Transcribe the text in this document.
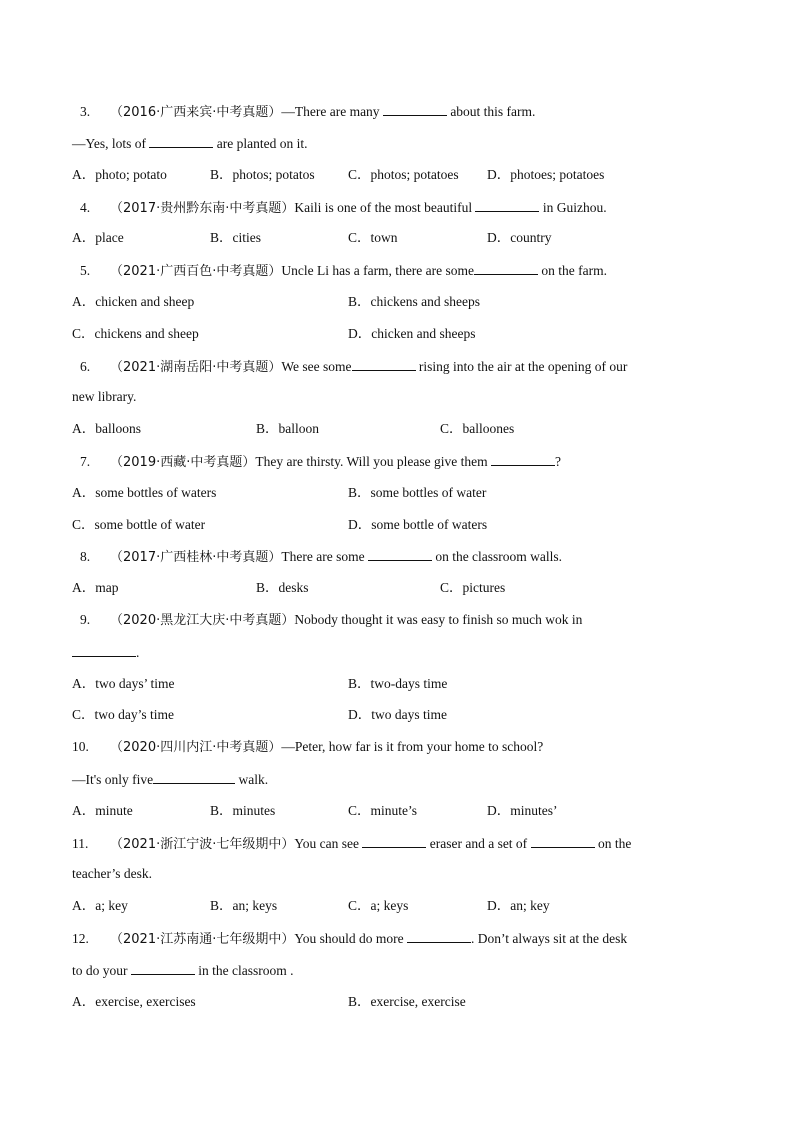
3. （2016·广西来宾·中考真题）—There are many	about this farm.
—Yes, lots of	are planted on it.
A．photo; potato	B．photos; potatos C．photos; potatoes D．photoes; potatoes
4. （2017·贵州黔东南·中考真题）Kaili is one of the most beautiful	in Guizhou.
A．place	B．cities	C．town	D．country
5. （2021·广西百色·中考真题）Uncle Li has a farm, there are some	on the farm.
A．chicken and sheep	B．chickens and sheeps
C．chickens and sheep	D．chicken and sheeps
6. （2021·湖南岳阳·中考真题）We see some	rising into the air at the opening of our
new library.
A．balloons	B．balloon	C．balloones
7. （2019·西藏·中考真题）They are thirsty. Will you please give them	?
A．some bottles of waters	B．some bottles of water
C．some bottle of water	D．some bottle of waters
8. （2017·广西桂林·中考真题）There are some	on the classroom walls.
A．map	B．desks	C．pictures
9. （2020·黑龙江大庆·中考真题）Nobody thought it was easy to finish so much wok in
.
A．two days’ time	B．two-days time
C．two day’s time	D．two days time
10. （2020·四川内江·中考真题）—Peter, how far is it from your home to school?
—It's only five	walk.
A．minute	B．minutes	C．minute’s	D．minutes’
11. （2021·浙江宁波·七年级期中）You can see	eraser and a set of	on the
teacher’s desk.
A．a; key	B．an; keys	C．a; keys	D．an; key
12. （2021·江苏南通·七年级期中）You should do more	. Don’t always sit at the desk
to do your	in the classroom .
A．exercise, exercises	B．exercise, exercise
